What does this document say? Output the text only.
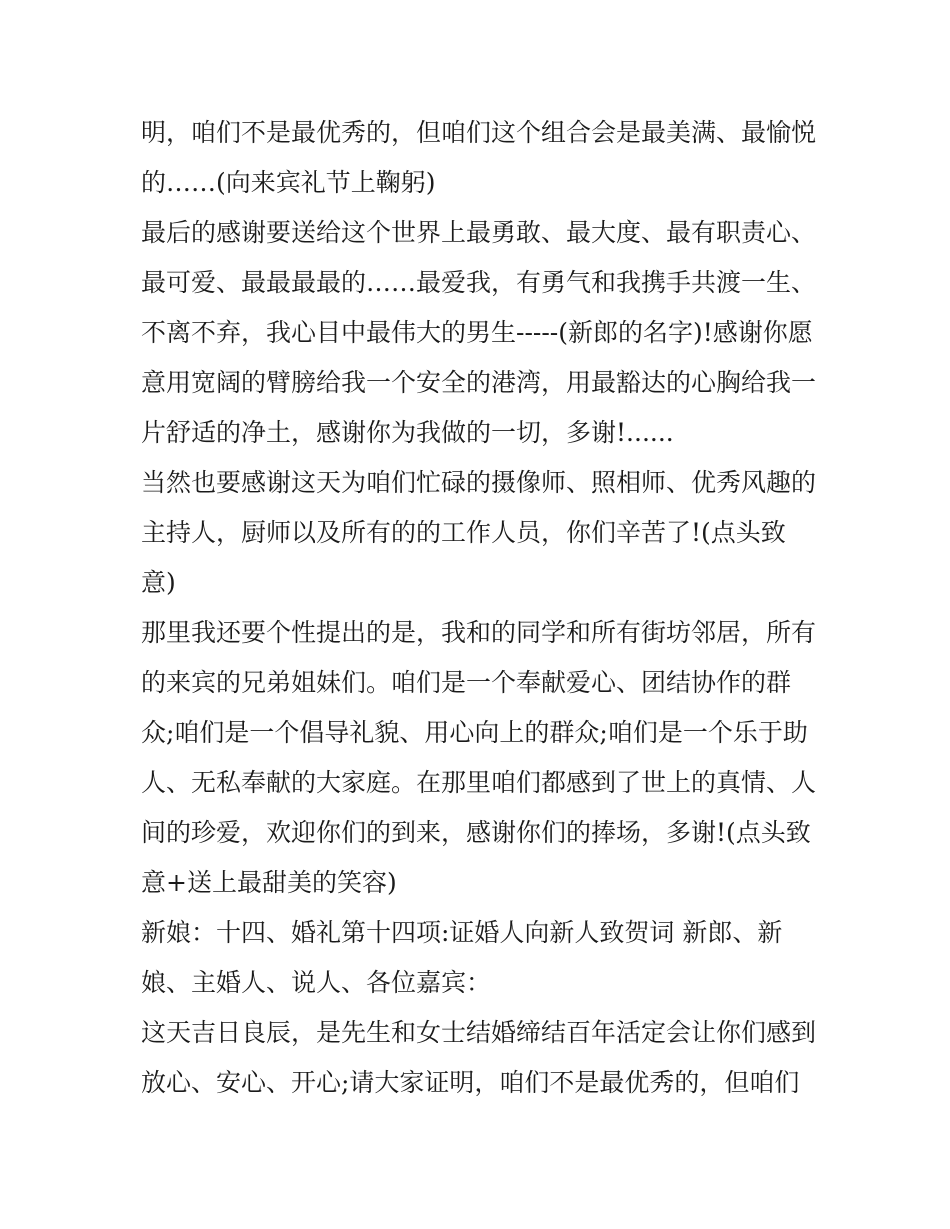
明，咱们不是最优秀的，但咱们这个组合会是最美满、最愉悦
的……(向来宾礼节上鞠躬)
最后的感谢要送给这个世界上最勇敢、最大度、最有职责心、
最可爱、最最最最的……最爱我，有勇气和我携手共渡一生、
不离不弃，我心目中最伟大的男生-----(新郎的名字)!感谢你愿
意用宽阔的臂膀给我一个安全的港湾，用最豁达的心胸给我一
片舒适的净土，感谢你为我做的一切，多谢!......
当然也要感谢这天为咱们忙碌的摄像师、照相师、优秀风趣的
主持人，厨师以及所有的的工作人员，你们辛苦了!(点头致
意)
那里我还要个性提出的是，我和的同学和所有街坊邻居，所有
的来宾的兄弟姐妹们。咱们是一个奉献爱心、团结协作的群
众;咱们是一个倡导礼貌、用心向上的群众;咱们是一个乐于助
人、无私奉献的大家庭。在那里咱们都感到了世上的真情、人
间的珍爱，欢迎你们的到来，感谢你们的捧场，多谢!(点头致
意+送上最甜美的笑容)
新娘：十四、婚礼第十四项:证婚人向新人致贺词 新郎、新
娘、主婚人、说人、各位嘉宾：
这天吉日良辰，是先生和女士结婚缔结百年活定会让你们感到
放心、安心、开心;请大家证明，咱们不是最优秀的，但咱们
